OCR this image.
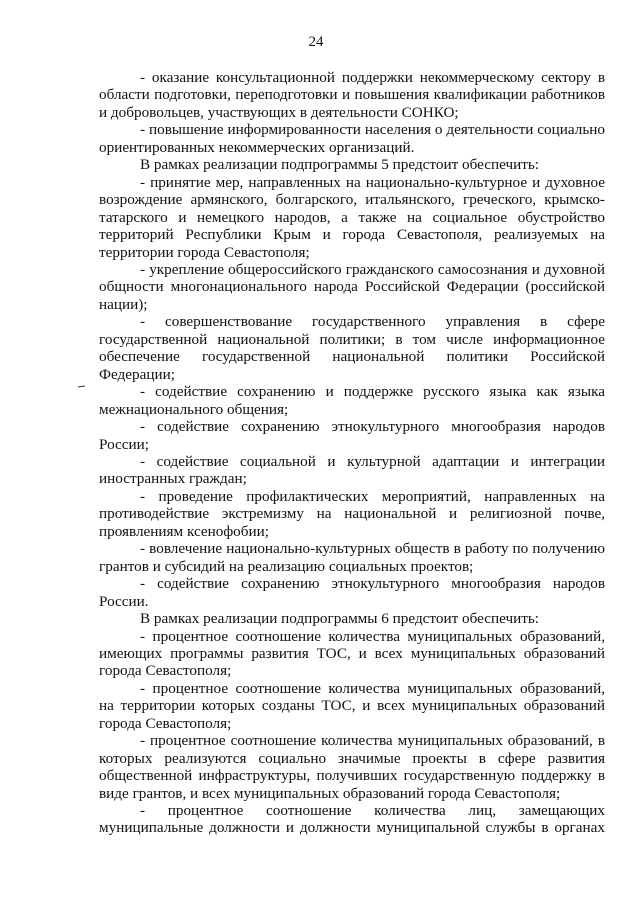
24

- оказание консультационной поддержки некоммерческому сектору в области подготовки, переподготовки и повышения квалификации работников и добровольцев, участвующих в деятельности СОНКО;

- повышение информированности населения о деятельности социально ориентированных некоммерческих организаций.

В рамках реализации подпрограммы 5 предстоит обеспечить:

- принятие мер, направленных на национально-культурное и духовное возрождение армянского, болгарского, итальянского, греческого, крымско-татарского и немецкого народов, а также на социальное обустройство территорий Республики Крым и города Севастополя, реализуемых на территории города Севастополя;

- укрепление общероссийского гражданского самосознания и духовной общности многонационального народа Российской Федерации (российской нации);

- совершенствование государственного управления в сфере государственной национальной политики; в том числе информационное обеспечение государственной национальной политики Российской Федерации;

- содействие сохранению и поддержке русского языка как языка межнационального общения;

- содействие сохранению этнокультурного многообразия народов России;

- содействие социальной и культурной адаптации и интеграции иностранных граждан;

- проведение профилактических мероприятий, направленных на противодействие экстремизму на национальной и религиозной почве, проявлениям ксенофобии;

- вовлечение национально-культурных обществ в работу по получению грантов и субсидий на реализацию социальных проектов;

- содействие сохранению этнокультурного многообразия народов России.

В рамках реализации подпрограммы 6 предстоит обеспечить:

- процентное соотношение количества муниципальных образований, имеющих программы развития ТОС, и всех муниципальных образований города Севастополя;

- процентное соотношение количества муниципальных образований, на территории которых созданы ТОС, и всех муниципальных образований города Севастополя;

- процентное соотношение количества муниципальных образований, в которых реализуются социально значимые проекты в сфере развития общественной инфраструктуры, получивших государственную поддержку в виде грантов, и всех муниципальных образований города Севастополя;

- процентное соотношение количества лиц, замещающих муниципальные должности и должности муниципальной службы в органах
